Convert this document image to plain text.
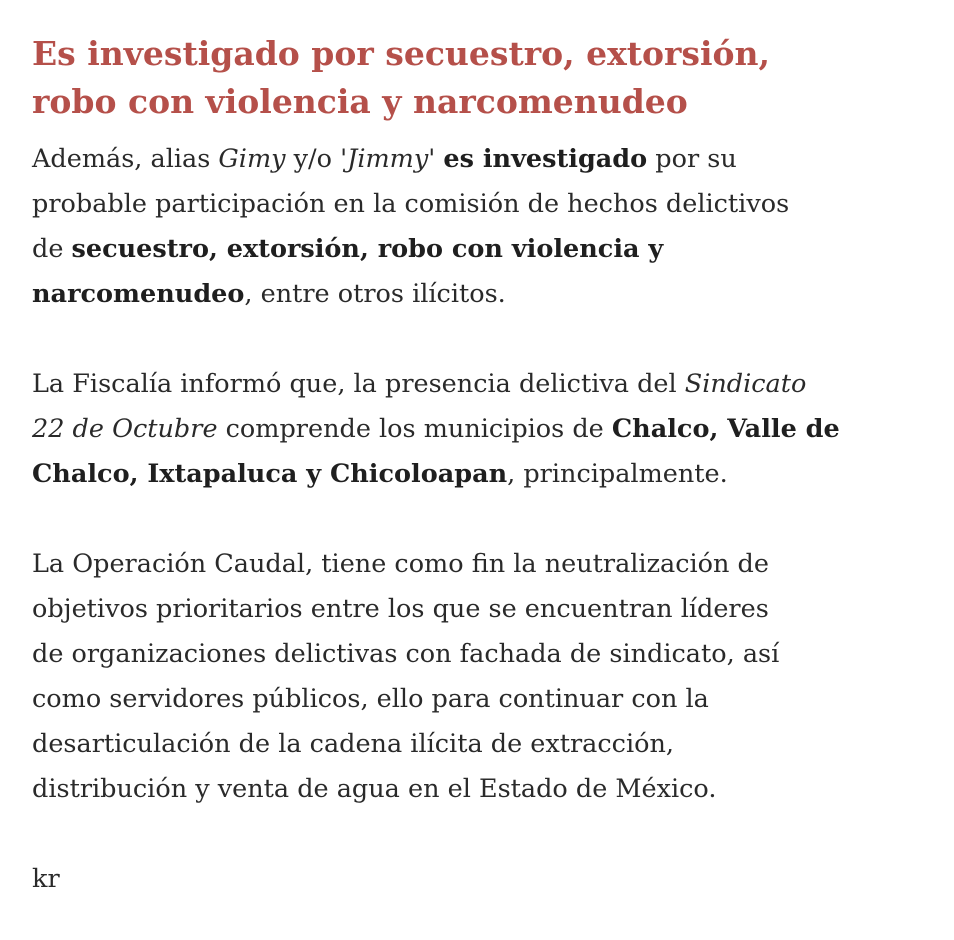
Es investigado por secuestro, extorsión,
robo con violencia y narcomenudeo

Además, alias Gimy y/o 'Jimmy' es investigado por su
probable participación en la comisión de hechos delictivos
de secuestro, extorsión, robo con violencia y
narcomenudeo, entre otros ilícitos.

La Fiscalía informó que, la presencia delictiva del Sindicato
22 de Octubre comprende los municipios de Chalco, Valle de
Chalco, Ixtapaluca y Chicoloapan, principalmente.

La Operación Caudal, tiene como fin la neutralización de
objetivos prioritarios entre los que se encuentran líderes
de organizaciones delictivas con fachada de sindicato, así
como servidores públicos, ello para continuar con la
desarticulación de la cadena ilícita de extracción,
distribución y venta de agua en el Estado de México.

kr
